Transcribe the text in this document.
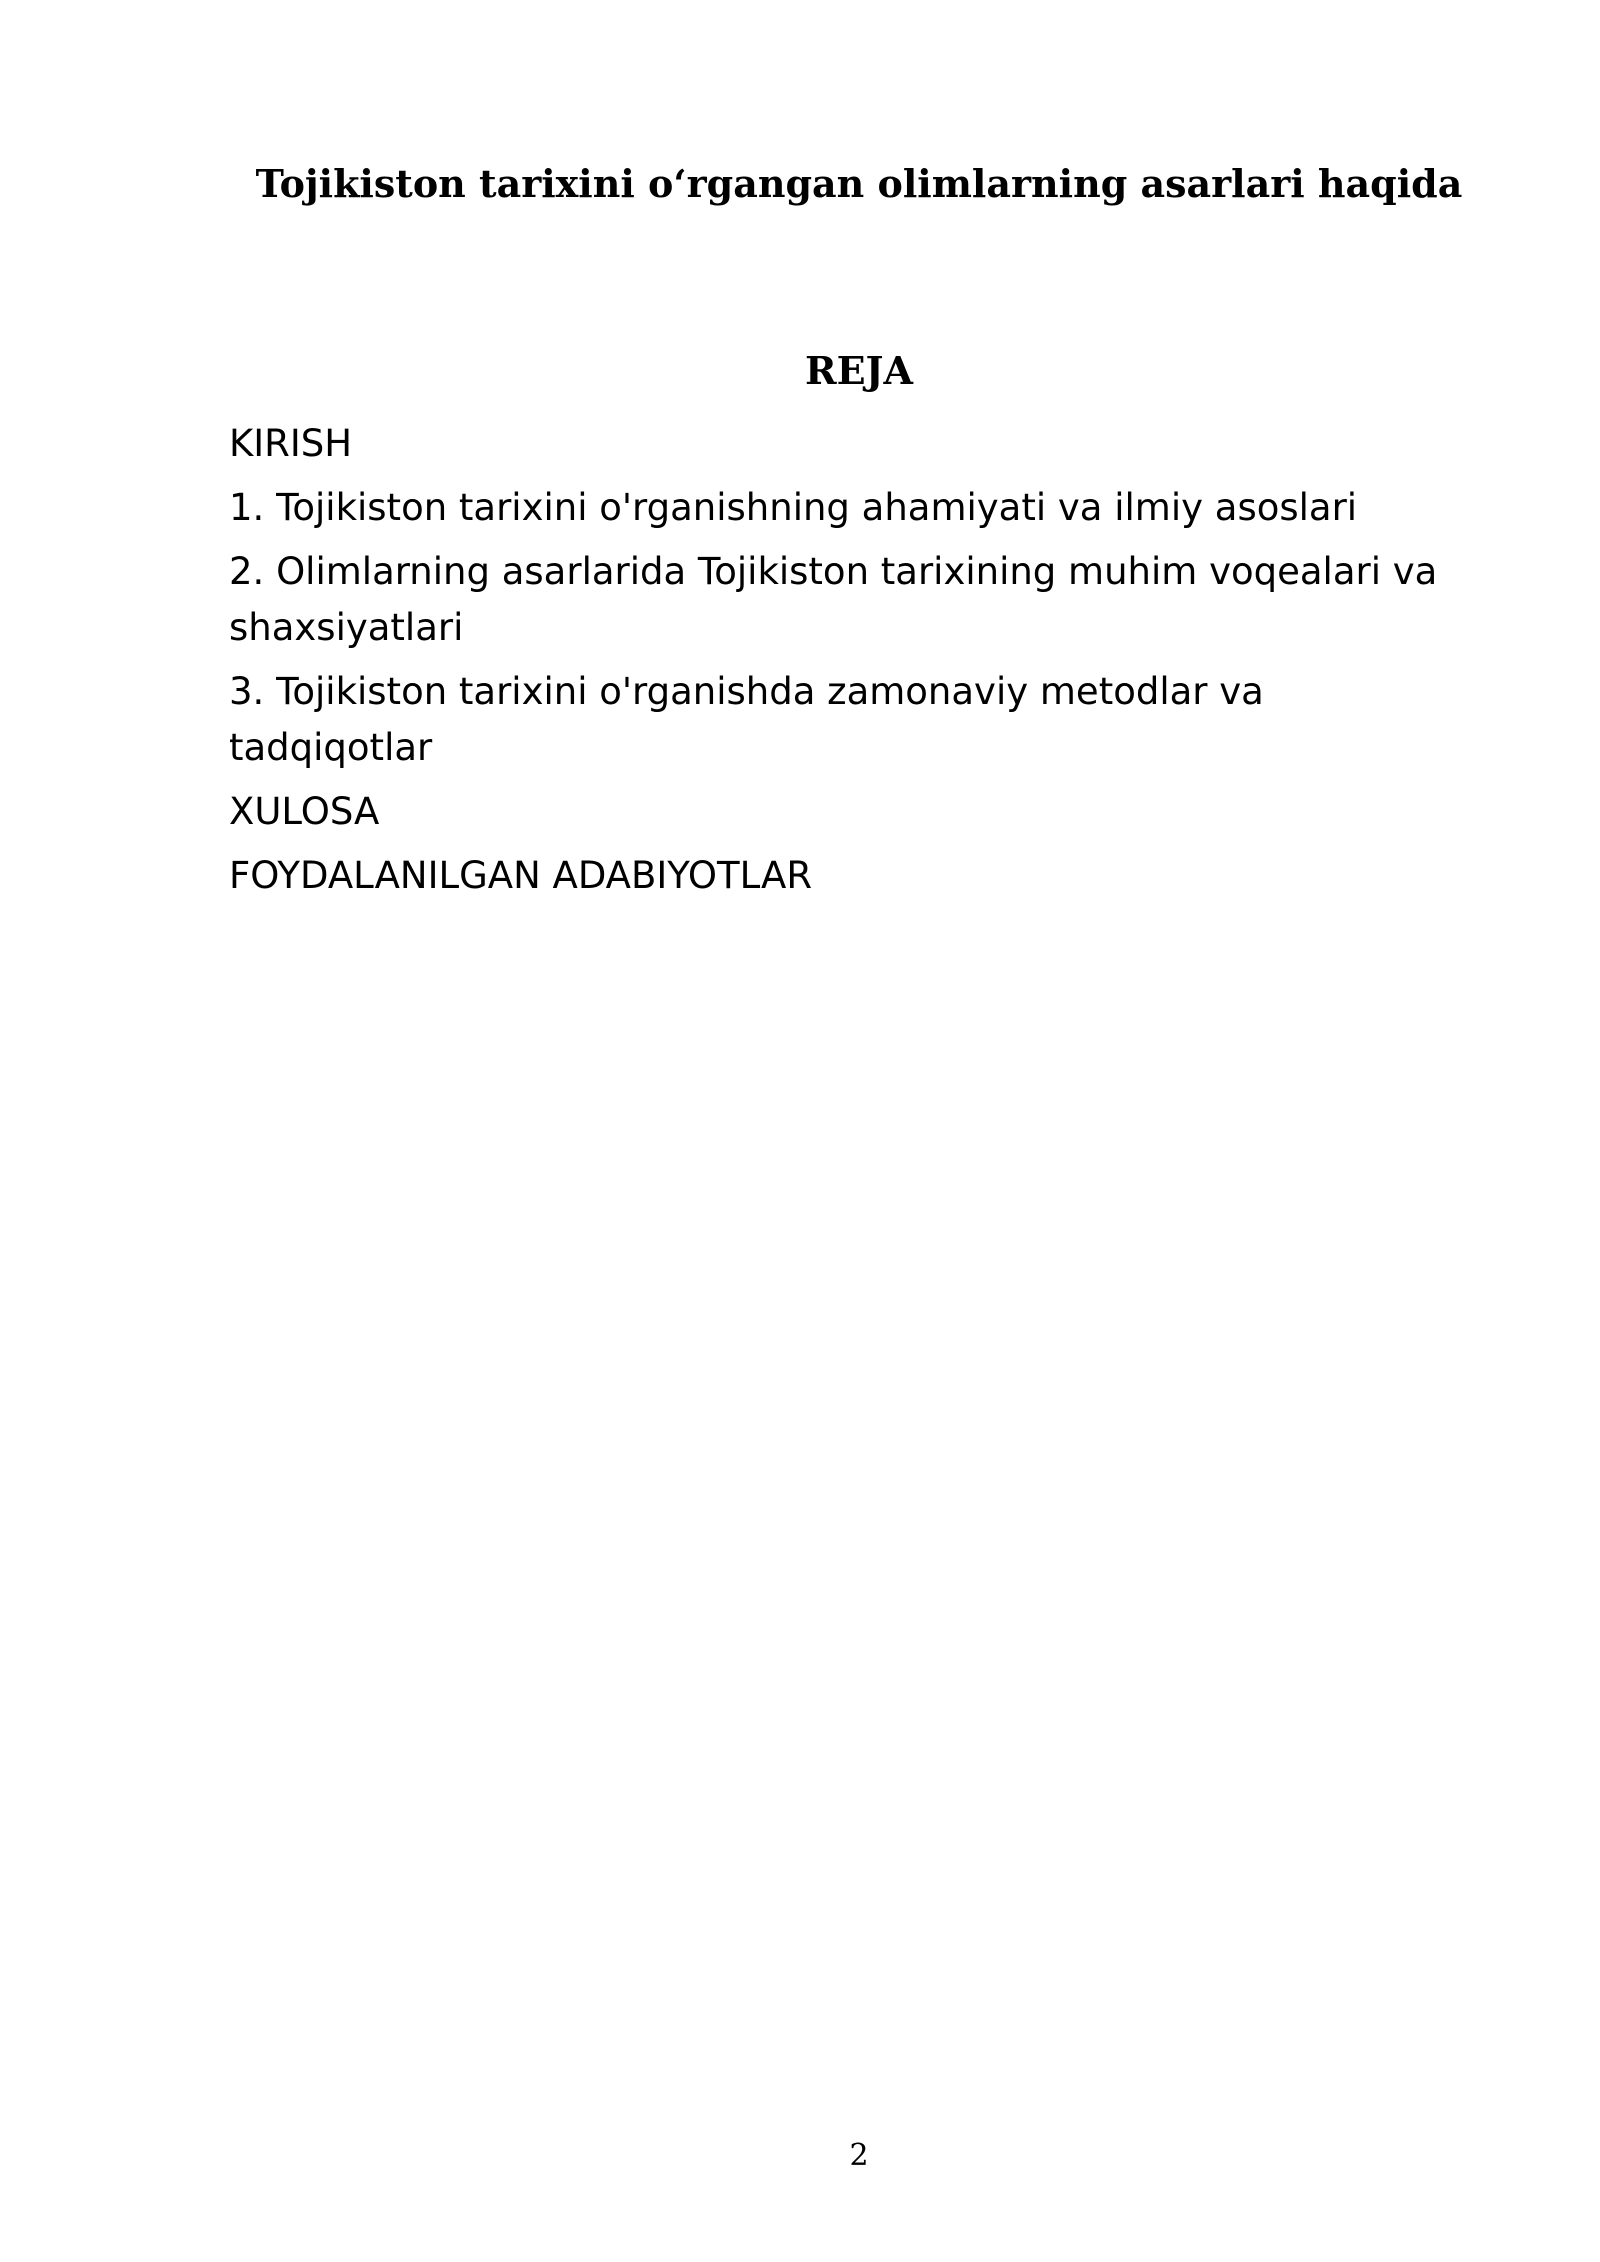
Tojikiston tarixini o‘rgangan olimlarning asarlari haqida
REJA
KIRISH
1. Tojikiston tarixini o'rganishning ahamiyati va ilmiy asoslari
2. Olimlarning asarlarida Tojikiston tarixining muhim voqealari va shaxsiyatlari
3. Tojikiston tarixini o'rganishda zamonaviy metodlar va tadqiqotlar
XULOSA
FOYDALANILGAN ADABIYOTLAR
2
